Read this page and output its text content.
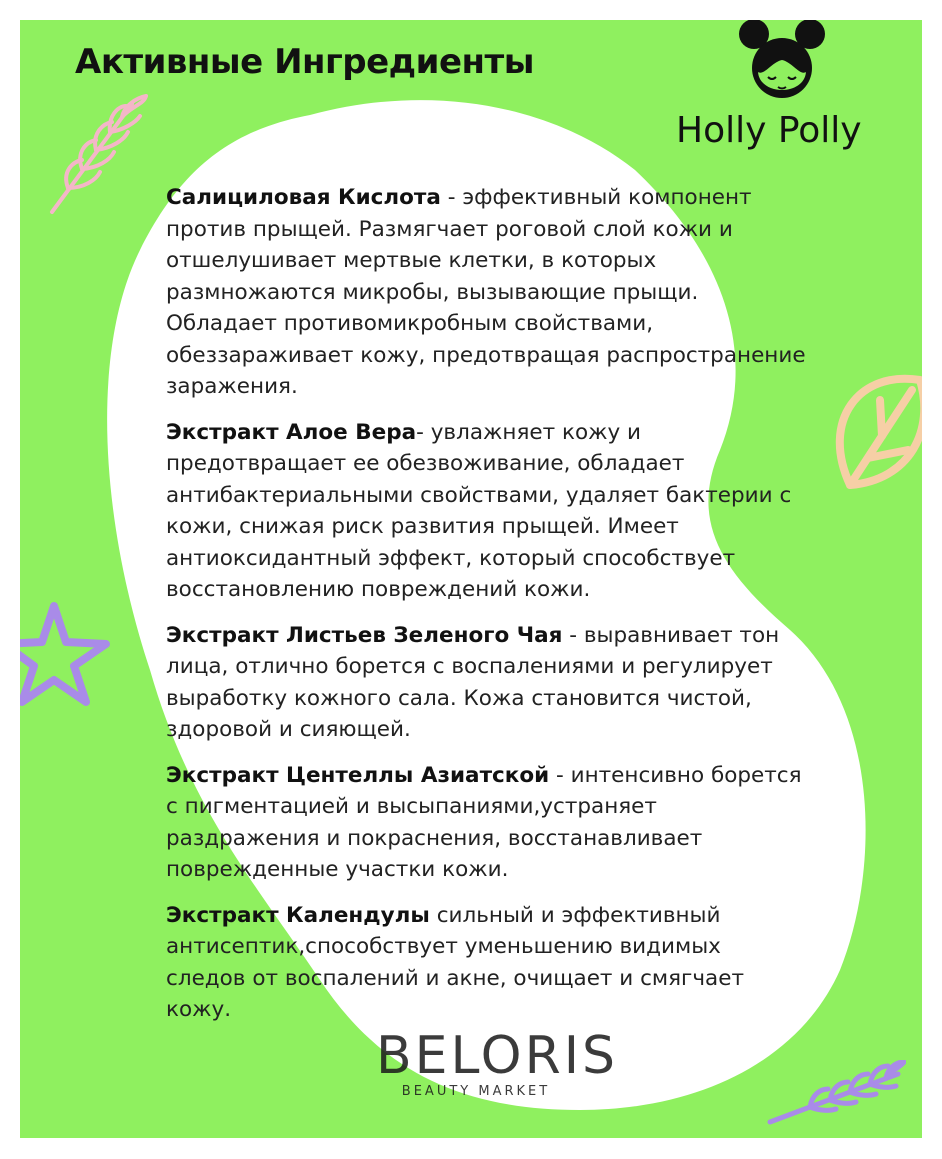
Активные Ингредиенты
Holly Polly

Салициловая Кислота - эффективный компонент против прыщей. Размягчает роговой слой кожи и отшелушивает мертвые клетки, в которых размножаются микробы, вызывающие прыщи. Обладает противомикробным свойствами, обеззараживает кожу, предотвращая распространение заражения.

Экстракт Алое Вера- увлажняет кожу и предотвращает ее обезвоживание, обладает антибактериальными свойствами, удаляет бактерии с кожи, снижая риск развития прыщей. Имеет антиоксидантный эффект, который способствует восстановлению повреждений кожи.

Экстракт Листьев Зеленого Чая - выравнивает тон лица, отлично борется с воспалениями и регулирует выработку кожного сала. Кожа становится чистой, здоровой и сияющей.

Экстракт Центеллы Азиатской - интенсивно борется с пигментацией и высыпаниями,устраняет раздражения и покраснения, восстанавливает поврежденные участки кожи.

Экстракт Календулы сильный и эффективный антисептик,способствует уменьшению видимых следов от воспалений и акне, очищает и смягчает кожу.

BELORIS
BEAUTY MARKET
